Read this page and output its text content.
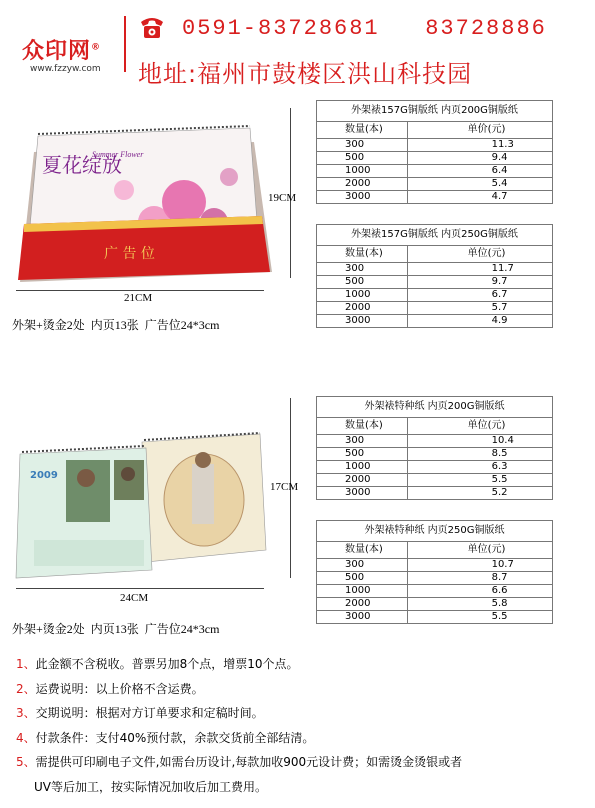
众印网®
www.fzzyw.com
0591-83728681   83728886
地址:福州市鼓楼区洪山科技园
夏花绽放
Summer Flower
广 告 位
19CM
21CM
外架+烫金2处  内页13张  广告位24*3cm
外架裱157G铜版纸 内页200G铜版纸	
数量(本)	单价(元)
300	11.3
500	9.4
1000	6.4
2000	5.4
3000	4.7
外架裱157G铜版纸 内页250G铜版纸	
数量(本)	单位(元)
300	11.7
500	9.7
1000	6.7
2000	5.7
3000	4.9
2009
17CM
24CM
外架+烫金2处  内页13张  广告位24*3cm
外架裱特种纸 内页200G铜版纸	
数量(本)	单位(元)
300	10.4
500	8.5
1000	6.3
2000	5.5
3000	5.2
外架裱特种纸 内页250G铜版纸	
数量(本)	单位(元)
300	10.7
500	8.7
1000	6.6
2000	5.8
3000	5.5
1、此金额不含税收。普票另加8个点，增票10个点。
2、运费说明：以上价格不含运费。
3、交期说明：根据对方订单要求和定稿时间。
4、付款条件：支付40%预付款，余款交货前全部结清。
5、需提供可印刷电子文件,如需台历设计,每款加收900元设计费；如需烫金烫银或者
UV等后加工，按实际情况加收后加工费用。
